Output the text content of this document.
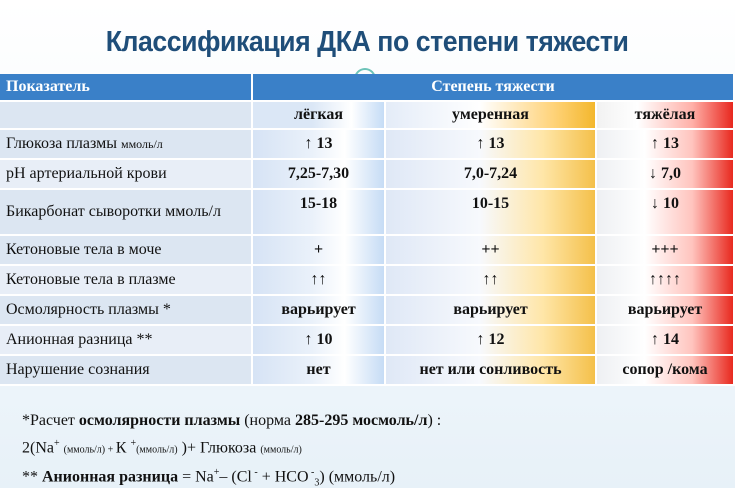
Классификация ДКА по степени тяжести
Показатель	Степень тяжести		
	лёгкая	умеренная	тяжёлая
Глюкоза плазмы ммоль/л	↑ 13	↑ 13	↑ 13
рН артериальной крови	7,25-7,30	7,0-7,24	↓ 7,0
Бикарбонат сыворотки ммоль/л	15-18	10-15	↓ 10
Кетоновые тела в моче	+	++	+++
Кетоновые тела в плазме	↑↑	↑↑	↑↑↑↑
Осмолярность плазмы *	варьирует	варьирует	варьирует
Анионная разница **	↑ 10	↑ 12	↑ 14
Нарушение сознания	нет	нет или сонливость	сопор /кома
*Расчет осмолярности плазмы (норма 285-295 мосмоль/л) :
2(Na+ (ммоль/л) + К +(ммоль/л) )+ Глюкоза (ммоль/л)
** Анионная разница = Na+– (Cl - + HCO -$_3$) (ммоль/л)
